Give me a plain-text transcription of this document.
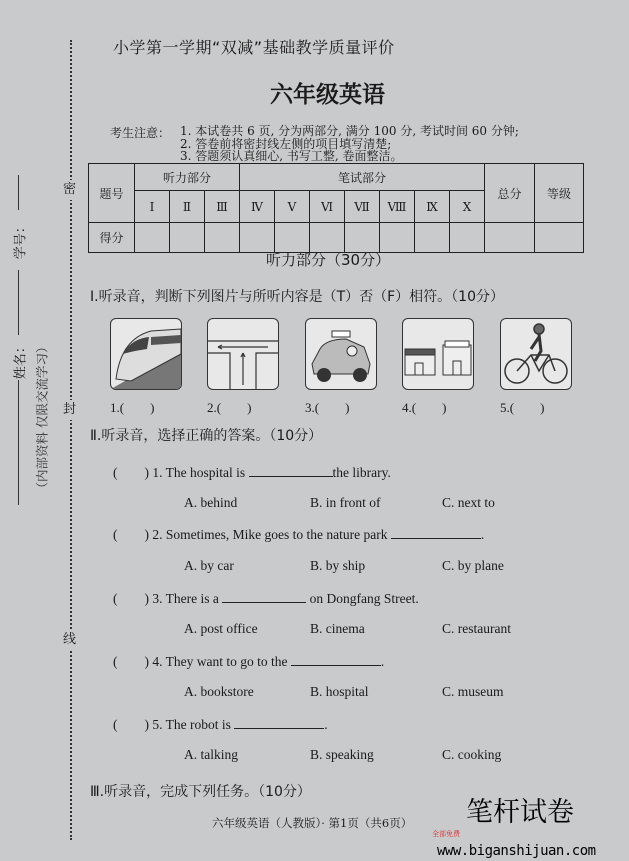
学号：
姓名： （内部资料 仅限交流学习）
密
封
线
小学第一学期“双减”基础教学质量评价
六年级英语
考生注意： 1. 本试卷共 6 页, 分为两部分, 满分 100 分, 考试时间 60 分钟;
2. 答卷前将密封线左侧的项目填写清楚;
3. 答题须认真细心, 书写工整, 卷面整洁。
题号	听力部分			笔试部分							总分	等级
	Ⅰ	Ⅱ	Ⅲ	Ⅳ	Ⅴ	Ⅵ	Ⅶ	Ⅷ	Ⅸ	Ⅹ		
得分												
听力部分（30分）
Ⅰ.听录音，判断下列图片与所听内容是（T）否（F）相符。（10分）
1.(        )	2.(        )	3.(        )	4.(        )	5.(        )
Ⅱ.听录音，选择正确的答案。（10分）
(        ) 1. The hospital is	the library.
A. behind	B. in front of	C. next to
(        ) 2. Sometimes, Mike goes to the nature park	.
A. by car	B. by ship	C. by plane
(        ) 3. There is a	on Dongfang Street.
A. post office	B. cinema	C. restaurant
(        ) 4. They want to go to the	.
A. bookstore	B. hospital	C. museum
(        ) 5. The robot is	.
A. talking	B. speaking	C. cooking
Ⅲ.听录音，完成下列任务。（10分）
六年级英语（人教版）· 第1页（共6页） 笔杆试卷
全部免费
www.biganshijuan.com
